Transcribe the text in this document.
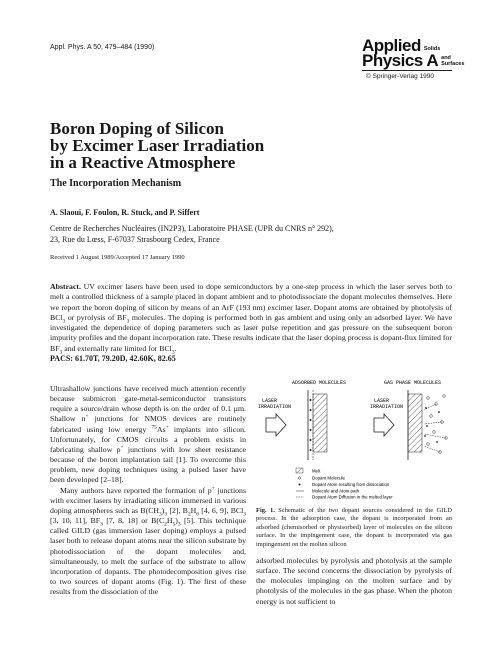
Appl. Phys. A 50, 479–484 (1990)	Applied Solids
Physics A and
Surfaces
© Springer-Verlag 1990
Boron Doping of Silicon
by Excimer Laser Irradiation
in a Reactive Atmosphere
The Incorporation Mechanism
A. Slaoui, F. Foulon, R. Stuck, and P. Siffert
Centre de Recherches Nucléaires (IN2P3), Laboratoire PHASE (UPR du CNRS n° 292),
23, Rue du Lœss, F-67037 Strasbourg Cedex, France
Received 1 August 1989/Accepted 17 January 1990
Abstract. UV excimer lasers have been used to dope semiconductors by a one-step process in which the laser serves both to melt a controlled thickness of a sample placed in dopant ambient and to photodissociate the dopant molecules themselves. Here we report the boron doping of silicon by means of an ArF (193 nm) excimer laser. Dopant atoms are obtained by photolysis of BCl$_3$ or pyrolysis of $BF_3$ molecules. The doping is performed both in gas ambient and using only an adsorbed layer. We have investigated the dependence of doping parameters such as laser pulse repetition and gas pressure on the subsequent boron impurity profiles and the dopant incorporation rate. These results indicate that the laser doping process is dopant-flux limited for $BF_3$ and externally rate limited for BCl$_3$.
PACS: 61.70T, 79.20D, 42.60K, 82.65

Ultrashallow junctions have received much attention recently because submicron gate-metal-semiconductor transistors require a source/drain whose depth is on the order of 0.1 µm. Shallow n+ junctions for NMOS devices are routinely fabricated using low energy $^{75}$As+ implants into silicon. Unfortunately, for CMOS circuits a problem exists in fabricating shallow p+ junctions with low sheet resistance because of the boron implantation tail [1]. To overcome this problem, new doping techniques using a pulsed laser have been developed [2–18].

Many authors have reported the formation of p+ junctions with excimer lasers by irradiating silicon immersed in various doping atmospheres such as $B(CH_3)_3$ [2], $B_2H_6$ [4, 6, 9], BCl$_3$ [3, 10, 11], $BF_3$ [7, 8, 18] or $B(C_2H_5)_3$ [5]. This technique called GILD (gas immersion laser doping) employs a pulsed laser both to release dopant atoms near the silicon substrate by photodissociation of the dopant molecules and, simultaneously, to melt the surface of the substrate to allow incorporation of dopants. The photodecomposition gives rise to two sources of dopant atoms (Fig. 1). The first of these results from the dissociation of the

ADSORBED MOLECULES	GAS PHASE MOLECULES
LASER
IRRADIATION
LASER
IRRADIATION
Melt
Dopant Molecule
Dopant Atom resulting from dissociation
Molecule and Atom path
Dopant Atom Diffusion in the melted layer
Fig. 1. Schematic of the two dopant sources considered in the GILD process. In the adsorption case, the dopant is incorporated from an adsorbed (chemisorbed or physisorbed) layer of molecules on the silicon surface. In the impingement case, the dopant is incorporated via gas impingement on the molten silicon

adsorbed molecules by pyrolysis and photolysis at the sample surface. The second concerns the dissociation by pyrolysis of the molecules impinging on the molten surface and by photolysis of the molecules in the gas phase. When the photon energy is not sufficient to
